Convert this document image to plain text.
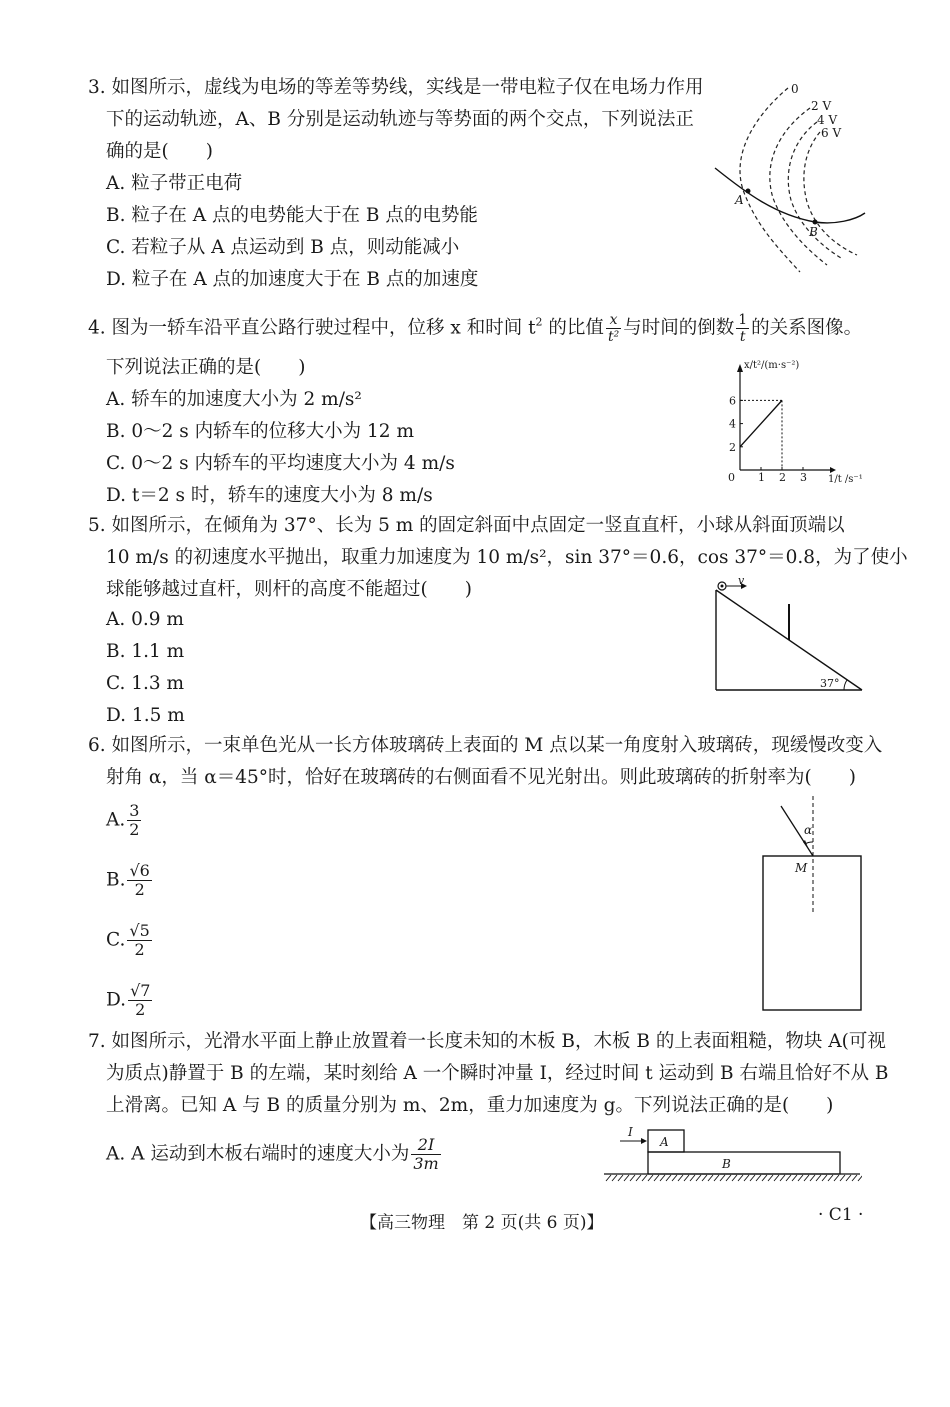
3. 如图所示，虚线为电场的等差等势线，实线是一带电粒子仅在电场力作用
下的运动轨迹，A、B 分别是运动轨迹与等势面的两个交点，下列说法正
确的是(　　)
A. 粒子带正电荷
B. 粒子在 A 点的电势能大于在 B 点的电势能
C. 若粒子从 A 点运动到 B 点，则动能减小
D. 粒子在 A 点的加速度大于在 B 点的加速度
0
2 V
4 V
6 V
A
B
4. 图为一轿车沿平直公路行驶过程中，位移 x 和时间 $t^2$ 的比值 $\frac{x}{\text{t²}}$ 与时间的倒数 $\frac{1}{t}$ 的关系图像。
下列说法正确的是(　　)
A. 轿车的加速度大小为 2 m/s²
B. 0～2 s 内轿车的位移大小为 12 m
C. 0～2 s 内轿车的平均速度大小为 4 m/s
D. t＝2 s 时，轿车的速度大小为 8 m/s
0 1 2 3
2
4
6
x/t²/(m·s⁻²)
1/t /s⁻¹
5. 如图所示，在倾角为 37°、长为 5 m 的固定斜面中点固定一竖直直杆，小球从斜面顶端以
10 m/s 的初速度水平抛出，取重力加速度为 10 m/s²，sin 37°＝0.6，cos 37°＝0.8，为了使小
球能够越过直杆，则杆的高度不能超过(　　)
A. 0.9 m
B. 1.1 m
C. 1.3 m
D. 1.5 m
v
37°
6. 如图所示，一束单色光从一长方体玻璃砖上表面的 M 点以某一角度射入玻璃砖，现缓慢改变入
射角 α，当 α＝45°时，恰好在玻璃砖的右侧面看不见光射出。则此玻璃砖的折射率为(　　)
A. $\frac{3}{2}$
B. $\frac{√6}{2}$
C. $\frac{√5}{2}$
D. $\frac{√7}{2}$
α
M
7. 如图所示，光滑水平面上静止放置着一长度未知的木板 B，木板 B 的上表面粗糙，物块 A(可视
为质点)静置于 B 的左端，某时刻给 A 一个瞬时冲量 I，经过时间 t 运动到 B 右端且恰好不从 B
上滑离。已知 A 与 B 的质量分别为 m、2m，重力加速度为 g。下列说法正确的是(　　)
A. A 运动到木板右端时的速度大小为 $\frac{2I}{3m}$
I
A
B
【高三物理　第 2 页(共 6 页)】	· C1 ·
